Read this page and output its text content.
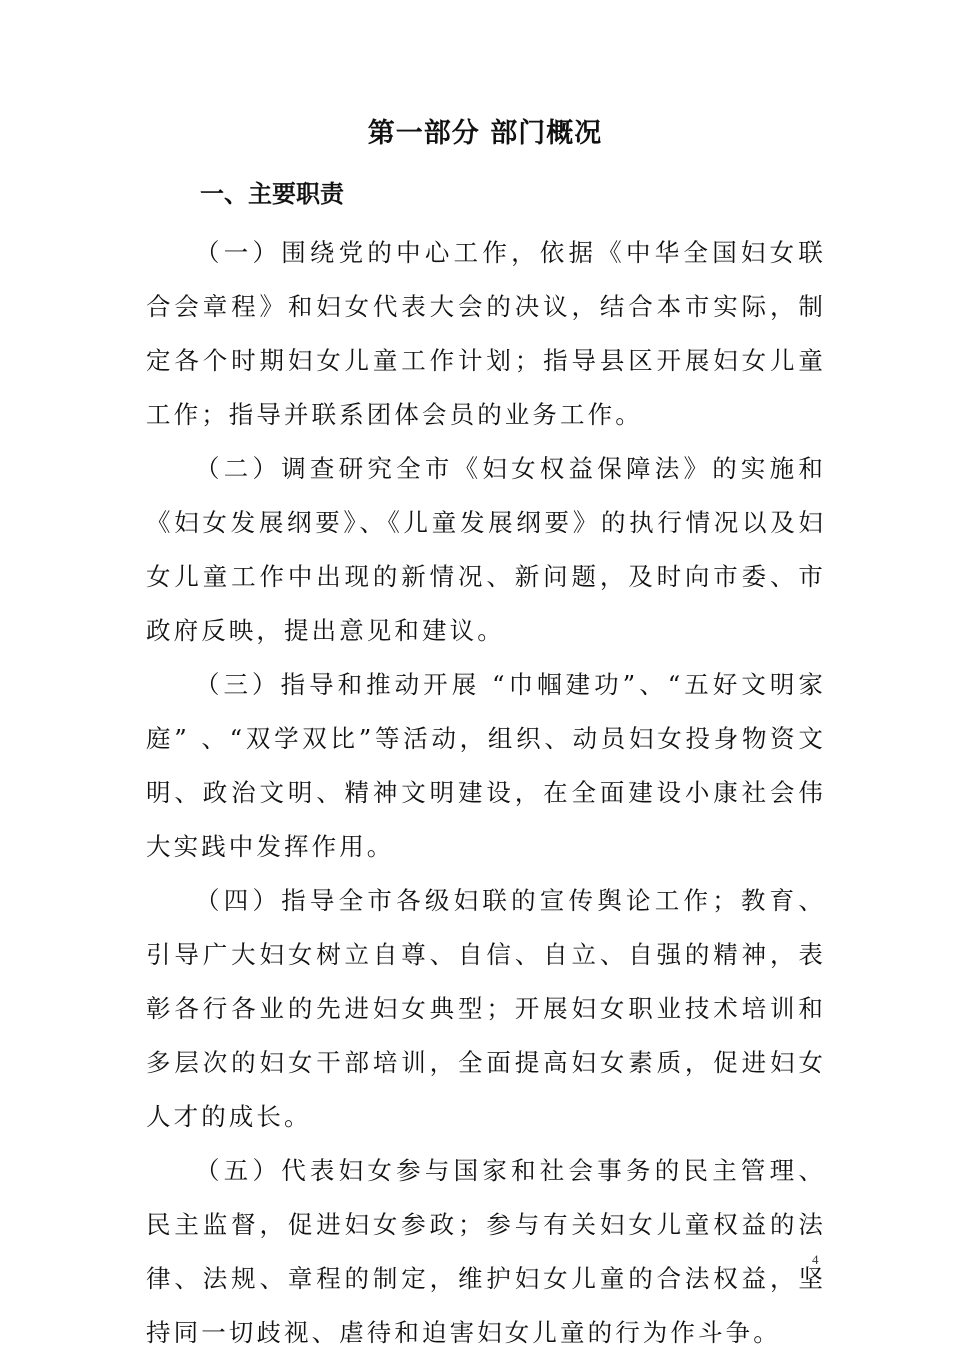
第一部分 部门概况
一、主要职责

（一）围绕党的中心工作，依据《中华全国妇女联合会章程》和妇女代表大会的决议，结合本市实际，制定各个时期妇女儿童工作计划；指导县区开展妇女儿童工作；指导并联系团体会员的业务工作。

（二）调查研究全市《妇女权益保障法》的实施和《妇女发展纲要》、《儿童发展纲要》的执行情况以及妇女儿童工作中出现的新情况、新问题，及时向市委、市政府反映，提出意见和建议。

（三）指导和推动开展 “巾帼建功”、“五好文明家庭” 、“双学双比”等活动，组织、动员妇女投身物资文明、政治文明、精神文明建设，在全面建设小康社会伟大实践中发挥作用。

（四）指导全市各级妇联的宣传舆论工作；教育、引导广大妇女树立自尊、自信、自立、自强的精神，表彰各行各业的先进妇女典型；开展妇女职业技术培训和多层次的妇女干部培训，全面提高妇女素质，促进妇女人才的成长。

（五）代表妇女参与国家和社会事务的民主管理、民主监督，促进妇女参政；参与有关妇女儿童权益的法律、法规、章程的制定，维护妇女儿童的合法权益，坚持同一切歧视、虐待和迫害妇女儿童的行为作斗争。

4
